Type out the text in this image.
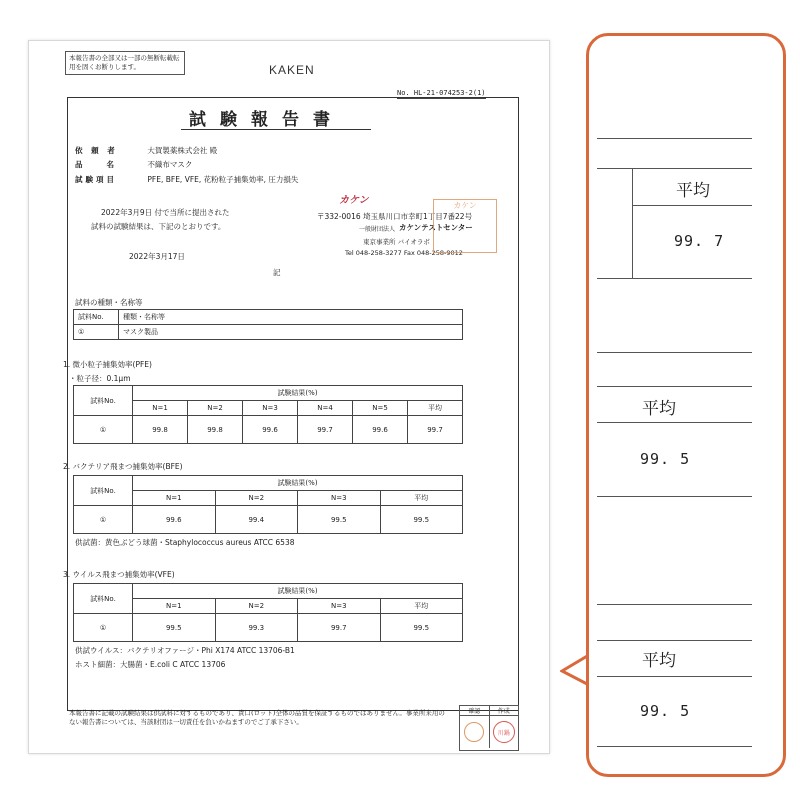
本報告書の全部又は一部の無断転載転用を固くお断りします。	KAKEN
No. HL-21-074253-2(1)
試験報告書
依 頼 者	大賀製薬株式会社 殿
品　　名	不織布マスク
試験項目	PFE, BFE, VFE, 花粉粒子捕集効率, 圧力損失
2022年3月9日 付で当所に提出された
試料の試験結果は、下記のとおりです。
2022年3月17日
記
カケン
〒332-0016 埼玉県川口市幸町1丁目7番22号
一般財団法人 カケンテストセンター
東京事業所 バイオラボ
Tel 048-258-3277 Fax 048-258-9012
カケン
試料の種類・名称等
試料No.	種類・名称等
①	マスク製品
1. 微小粒子捕集効率(PFE)
・粒子径：0.1μm
試料No.	試験結果(%)					
	N=1	N=2	N=3	N=4	N=5	平均
①	99.8	99.8	99.6	99.7	99.6	99.7
2. バクテリア飛まつ捕集効率(BFE)
試料No.	試験結果(%)			
	N=1	N=2	N=3	平均
①	99.6	99.4	99.5	99.5
供試菌：黄色ぶどう球菌・Staphylococcus aureus ATCC 6538
3. ウイルス飛まつ捕集効率(VFE)
試料No.	試験結果(%)			
	N=1	N=2	N=3	平均
①	99.5	99.3	99.7	99.5
供試ウイルス：バクテリオファージ・Phi X174 ATCC 13706-B1
ホスト細菌：大腸菌・E.coli C ATCC 13706
本報告書に記載の試験結果は供試料に対するものであり、貴口(ロット)全体の品質を保証するものではありません。事業所来用のない報告書については、当該財団は一切責任を負いかねますのでご了承下さい。
確認	作成
川鍋
平均
99. 7
平均
99. 5
平均
99. 5
